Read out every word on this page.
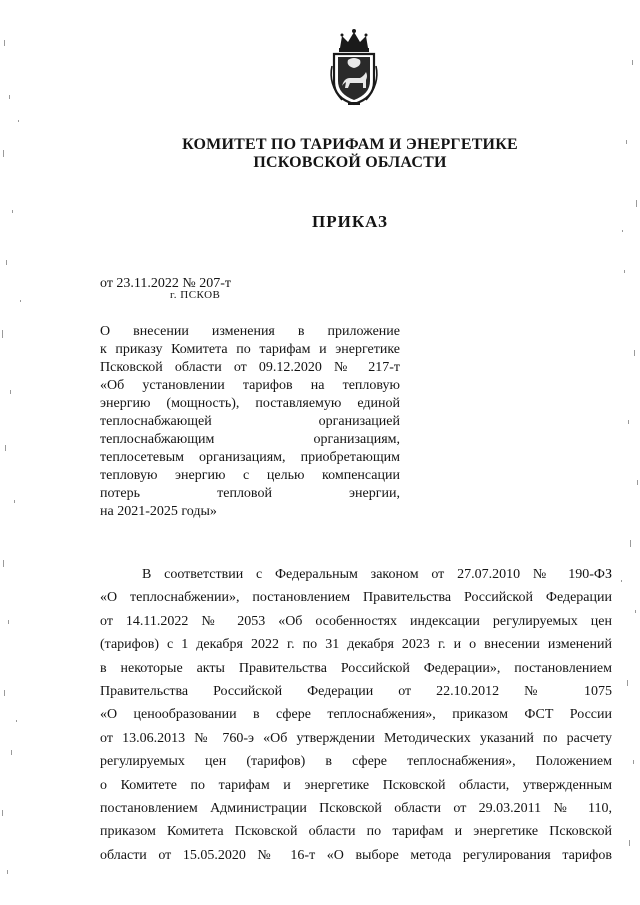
КОМИТЕТ ПО ТАРИФАМ И ЭНЕРГЕТИКЕ
ПСКОВСКОЙ ОБЛАСТИ
ПРИКАЗ
от 23.11.2022 № 207-т
г. ПСКОВ
О внесении изменения в приложение
к приказу Комитета по тарифам и энергетике
Псковской области от 09.12.2020 № 217-т
«Об установлении тарифов на тепловую
энергию (мощность), поставляемую единой
теплоснабжающей организацией
теплоснабжающим организациям,
теплосетевым организациям, приобретающим
тепловую энергию с целью компенсации
потерь тепловой энергии,
на 2021-2025 годы»
В соответствии с Федеральным законом от 27.07.2010 № 190-ФЗ
«О теплоснабжении», постановлением Правительства Российской Федерации
от 14.11.2022 № 2053 «Об особенностях индексации регулируемых цен
(тарифов) с 1 декабря 2022 г. по 31 декабря 2023 г. и о внесении изменений
в некоторые акты Правительства Российской Федерации», постановлением
Правительства Российской Федерации от 22.10.2012 № 1075
«О ценообразовании в сфере теплоснабжения», приказом ФСТ России
от 13.06.2013 № 760-э «Об утверждении Методических указаний по расчету
регулируемых цен (тарифов) в сфере теплоснабжения», Положением
о Комитете по тарифам и энергетике Псковской области, утвержденным
постановлением Администрации Псковской области от 29.03.2011 № 110,
приказом Комитета Псковской области по тарифам и энергетике Псковской
области от 15.05.2020 № 16-т «О выборе метода регулирования тарифов
